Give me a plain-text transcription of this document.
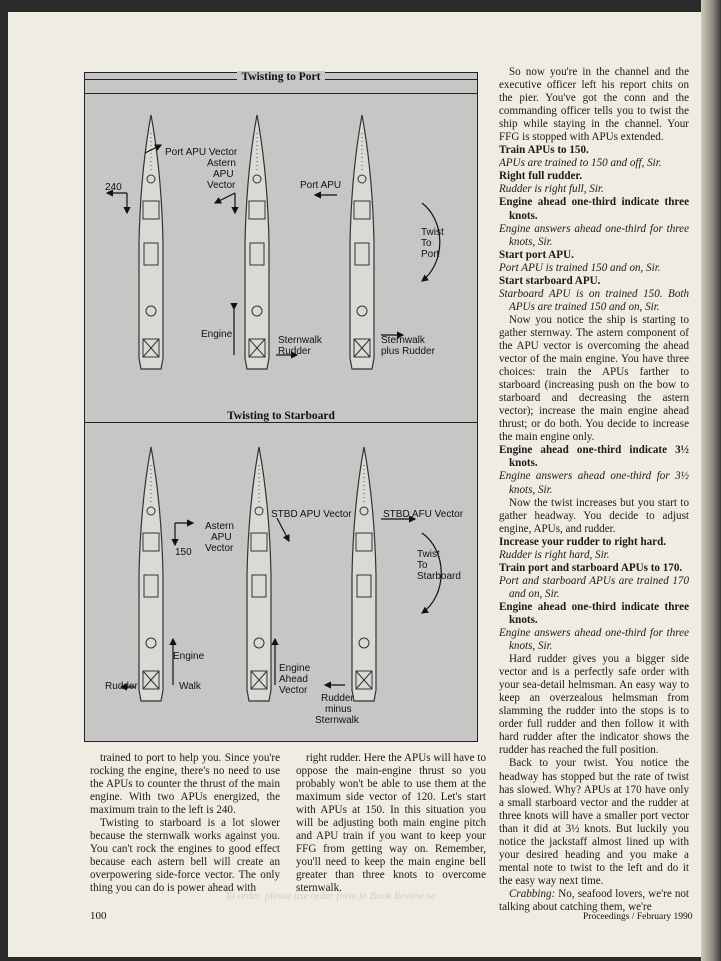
Twisting to Port
Twisting to Starboard
Port APU Vector
Astern
APU
Vector
240	Port APU
Twist
To
Port
Engine
Sternwalk
Rudder
Sternwalk
plus Rudder
Astern
APU
Vector
150
STBD APU Vector	STBD AFU Vector
Twist
To
Starboard
Engine
Rudder	Walk
Engine
Ahead
Vector
Rudder
minus
Sternwalk

trained to port to help you. Since you're rocking the engine, there's no need to use the APUs to counter the thrust of the main engine. With two APUs energized, the maximum train to the left is 240.

Twisting to starboard is a lot slower because the sternwalk works against you. You can't rock the engines to good effect because each astern bell will create an overpowering side-force vector. The only thing you can do is power ahead with

right rudder. Here the APUs will have to oppose the main-engine thrust so you probably won't be able to use them at the maximum side vector of 120. Let's start with APUs at 150. In this situation you will be adjusting both main engine pitch and APU train if you want to keep your FFG from getting way on. Remember, you'll need to keep the main engine bell greater than three knots to overcome sternwalk.

So now you're in the channel and the executive officer left his report chits on the pier. You've got the conn and the commanding officer tells you to twist the ship while staying in the channel. Your FFG is stopped with APUs extended.

Train APUs to 150.

APUs are trained to 150 and off, Sir.

Right full rudder.

Rudder is right full, Sir.

Engine ahead one-third indicate three knots.

Engine answers ahead one-third for three knots, Sir.

Start port APU.

Port APU is trained 150 and on, Sir.

Start starboard APU.

Starboard APU is on trained 150. Both APUs are trained 150 and on, Sir.

Now you notice the ship is starting to gather sternway. The astern component of the APU vector is overcoming the ahead vector of the main engine. You have three choices: train the APUs farther to starboard (increasing push on the bow to starboard and decreasing the astern vector); increase the main engine ahead thrust; or do both. You decide to increase the main engine only.

Engine ahead one-third indicate 3½ knots.

Engine answers ahead one-third for 3½ knots, Sir.

Now the twist increases but you start to gather headway. You decide to adjust engine, APUs, and rudder.

Increase your rudder to right hard.

Rudder is right hard, Sir.

Train port and starboard APUs to 170.

Port and starboard APUs are trained 170 and on, Sir.

Engine ahead one-third indicate three knots.

Engine answers ahead one-third for three knots, Sir.

Hard rudder gives you a bigger side vector and is a perfectly safe order with your sea-detail helmsman. An easy way to keep an overzealous helmsman from slamming the rudder into the stops is to order full rudder and then follow it with hard rudder after the indicator shows the rudder has reached the full position.

Back to your twist. You notice the headway has stopped but the rate of twist has slowed. Why? APUs at 170 have only a small starboard vector and the rudder at three knots will have a smaller port vector than it did at 3½ knots. But luckily you notice the jackstaff almost lined up with your desired heading and you make a mental note to twist to the left and do it the easy way next time.

Crabbing: No, seafood lovers, we're not talking about catching them, we're

To order, please use order form in Book Review se
100	Proceedings / February 1990
